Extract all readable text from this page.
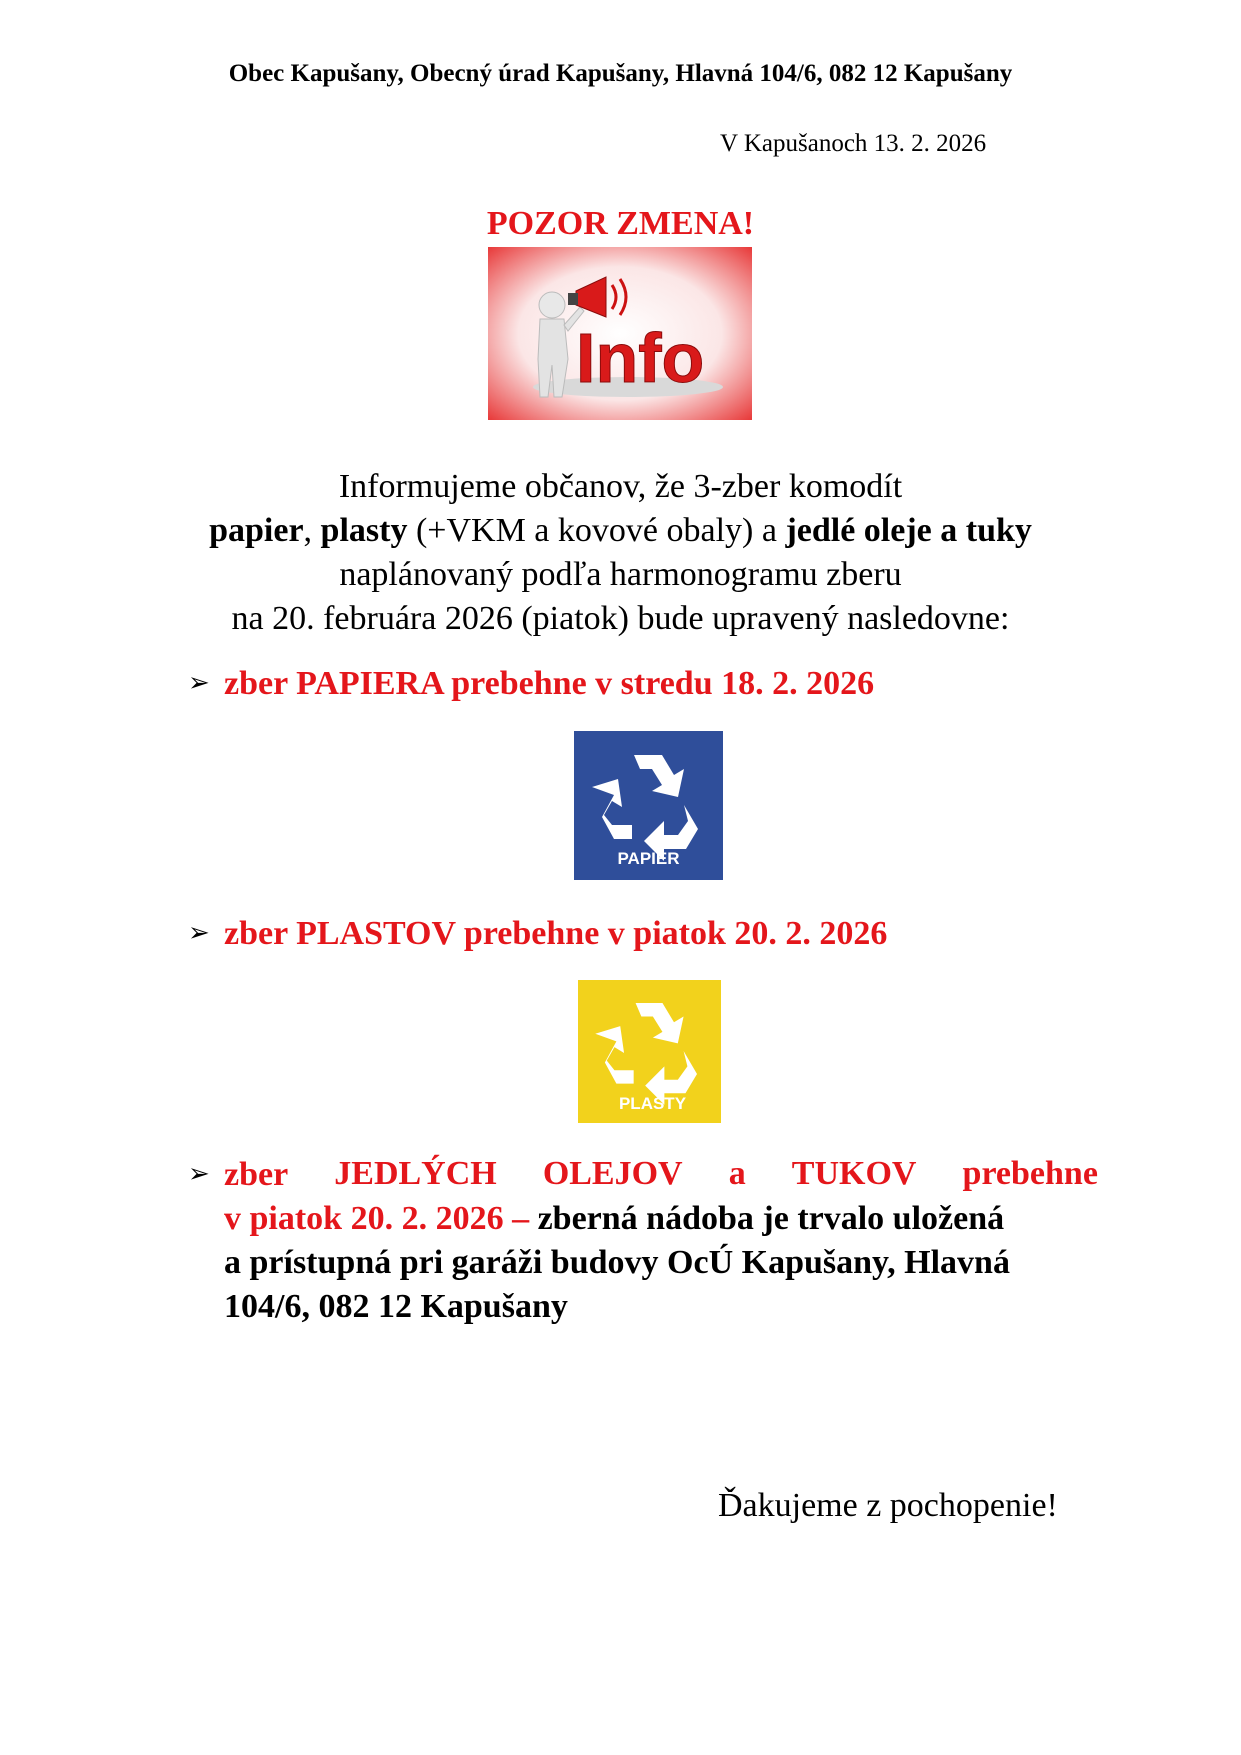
Obec Kapušany, Obecný úrad Kapušany, Hlavná 104/6, 082 12 Kapušany
V Kapušanoch 13. 2. 2026
POZOR ZMENA!
Info
Informujeme občanov, že 3-zber komodít
papier, plasty (+VKM a kovové obaly) a jedlé oleje a tuky
naplánovaný podľa harmonogramu zberu
na 20. februára 2026 (piatok) bude upravený nasledovne:
➢ zber PAPIERA prebehne v stredu 18. 2. 2026
PAPIER
➢ zber PLASTOV prebehne v piatok 20. 2. 2026
PLASTY
➢ zber JEDLÝCH OLEJOV a TUKOV prebehne
v piatok 20. 2. 2026 – zberná nádoba je trvalo uložená
a prístupná pri garáži budovy OcÚ Kapušany, Hlavná
104/6, 082 12 Kapušany
Ďakujeme z pochopenie!
